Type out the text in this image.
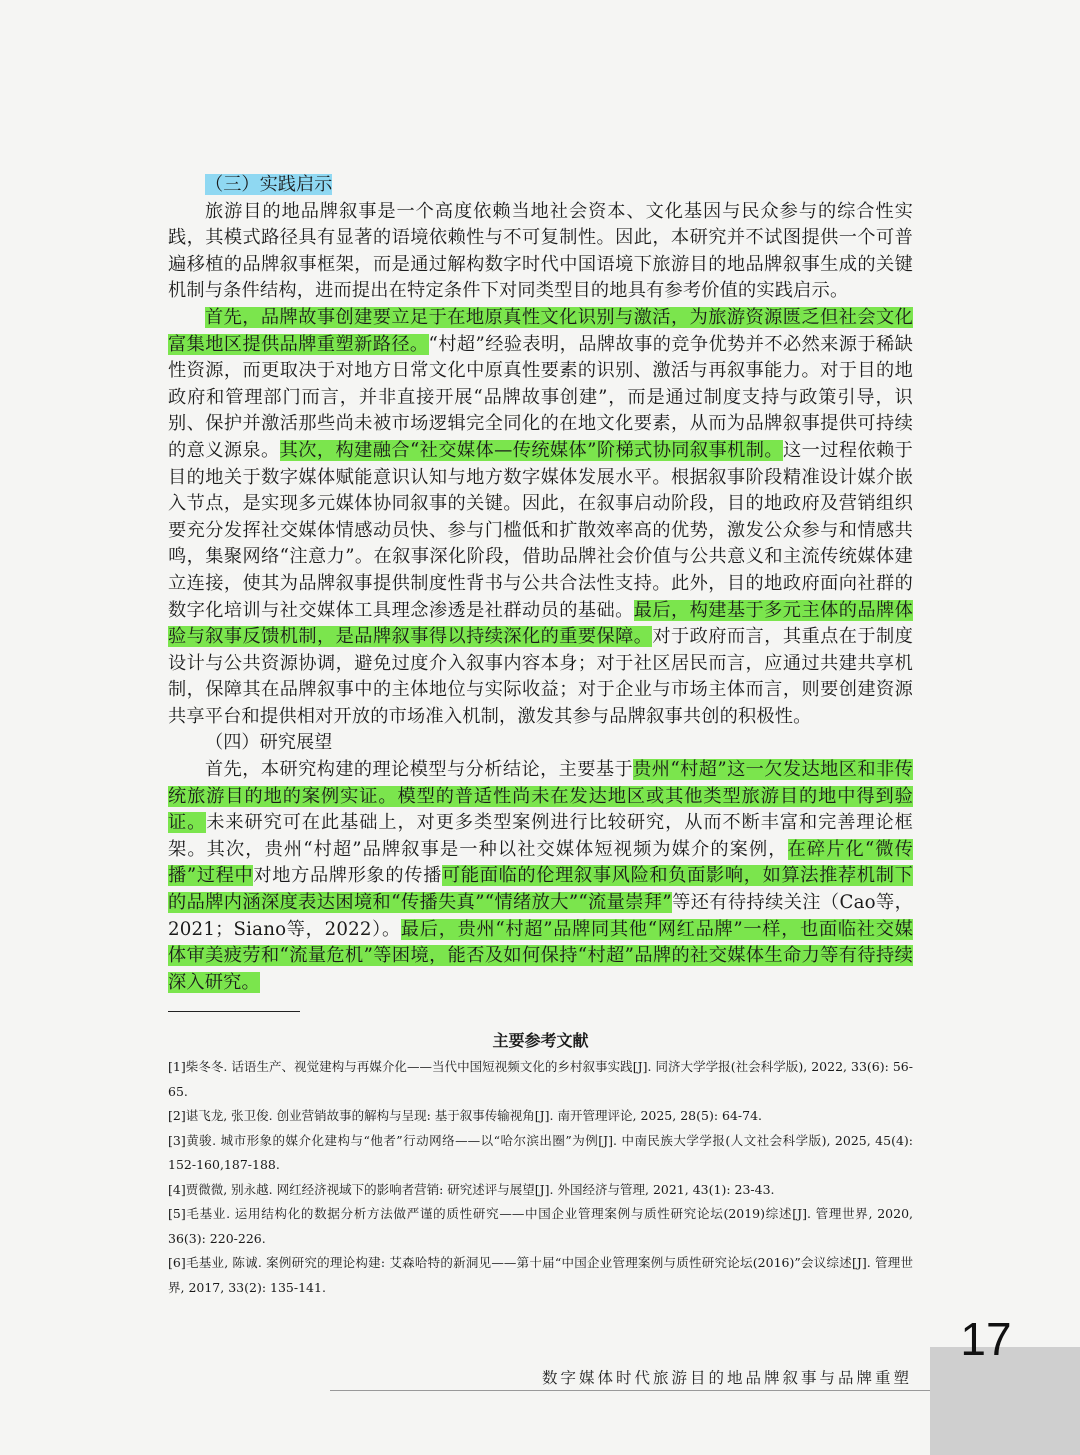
（三）实践启示

旅游目的地品牌叙事是一个高度依赖当地社会资本、文化基因与民众参与的综合性实践，其模式路径具有显著的语境依赖性与不可复制性。因此，本研究并不试图提供一个可普遍移植的品牌叙事框架，而是通过解构数字时代中国语境下旅游目的地品牌叙事生成的关键机制与条件结构，进而提出在特定条件下对同类型目的地具有参考价值的实践启示。

首先，品牌故事创建要立足于在地原真性文化识别与激活，为旅游资源匮乏但社会文化富集地区提供品牌重塑新路径。“村超”经验表明，品牌故事的竞争优势并不必然来源于稀缺性资源，而更取决于对地方日常文化中原真性要素的识别、激活与再叙事能力。对于目的地政府和管理部门而言，并非直接开展“品牌故事创建”，而是通过制度支持与政策引导，识别、保护并激活那些尚未被市场逻辑完全同化的在地文化要素，从而为品牌叙事提供可持续的意义源泉。其次，构建融合“社交媒体—传统媒体”阶梯式协同叙事机制。这一过程依赖于目的地关于数字媒体赋能意识认知与地方数字媒体发展水平。根据叙事阶段精准设计媒介嵌入节点，是实现多元媒体协同叙事的关键。因此，在叙事启动阶段，目的地政府及营销组织要充分发挥社交媒体情感动员快、参与门槛低和扩散效率高的优势，激发公众参与和情感共鸣，集聚网络“注意力”。在叙事深化阶段，借助品牌社会价值与公共意义和主流传统媒体建立连接，使其为品牌叙事提供制度性背书与公共合法性支持。此外，目的地政府面向社群的数字化培训与社交媒体工具理念渗透是社群动员的基础。最后，构建基于多元主体的品牌体验与叙事反馈机制，是品牌叙事得以持续深化的重要保障。对于政府而言，其重点在于制度设计与公共资源协调，避免过度介入叙事内容本身；对于社区居民而言，应通过共建共享机制，保障其在品牌叙事中的主体地位与实际收益；对于企业与市场主体而言，则要创建资源共享平台和提供相对开放的市场准入机制，激发其参与品牌叙事共创的积极性。

（四）研究展望

首先，本研究构建的理论模型与分析结论，主要基于贵州“村超”这一欠发达地区和非传统旅游目的地的案例实证。模型的普适性尚未在发达地区或其他类型旅游目的地中得到验证。未来研究可在此基础上，对更多类型案例进行比较研究，从而不断丰富和完善理论框架。其次，贵州“村超”品牌叙事是一种以社交媒体短视频为媒介的案例，在碎片化“微传播”过程中对地方品牌形象的传播可能面临的伦理叙事风险和负面影响，如算法推荐机制下的品牌内涵深度表达困境和“传播失真”“情绪放大”“流量崇拜”等还有待持续关注（Cao等，2021；Siano等，2022）。最后，贵州“村超”品牌同其他“网红品牌”一样，也面临社交媒体审美疲劳和“流量危机”等困境，能否及如何保持“村超”品牌的社交媒体生命力等有待持续深入研究。

主要参考文献

[1]柴冬冬. 话语生产、视觉建构与再媒介化——当代中国短视频文化的乡村叙事实践[J]. 同济大学学报(社会科学版), 2022, 33(6): 56-65.

[2]谌飞龙, 张卫俊. 创业营销故事的解构与呈现: 基于叙事传输视角[J]. 南开管理评论, 2025, 28(5): 64-74.

[3]黄骏. 城市形象的媒介化建构与“他者”行动网络——以“哈尔滨出圈”为例[J]. 中南民族大学学报(人文社会科学版), 2025, 45(4): 152-160,187-188.

[4]贾微微, 别永越. 网红经济视域下的影响者营销: 研究述评与展望[J]. 外国经济与管理, 2021, 43(1): 23-43.

[5]毛基业. 运用结构化的数据分析方法做严谨的质性研究——中国企业管理案例与质性研究论坛(2019)综述[J]. 管理世界, 2020, 36(3): 220-226.

[6]毛基业, 陈诚. 案例研究的理论构建: 艾森哈特的新洞见——第十届“中国企业管理案例与质性研究论坛(2016)”会议综述[J]. 管理世界, 2017, 33(2): 135-141.

数字媒体时代旅游目的地品牌叙事与品牌重塑
17
